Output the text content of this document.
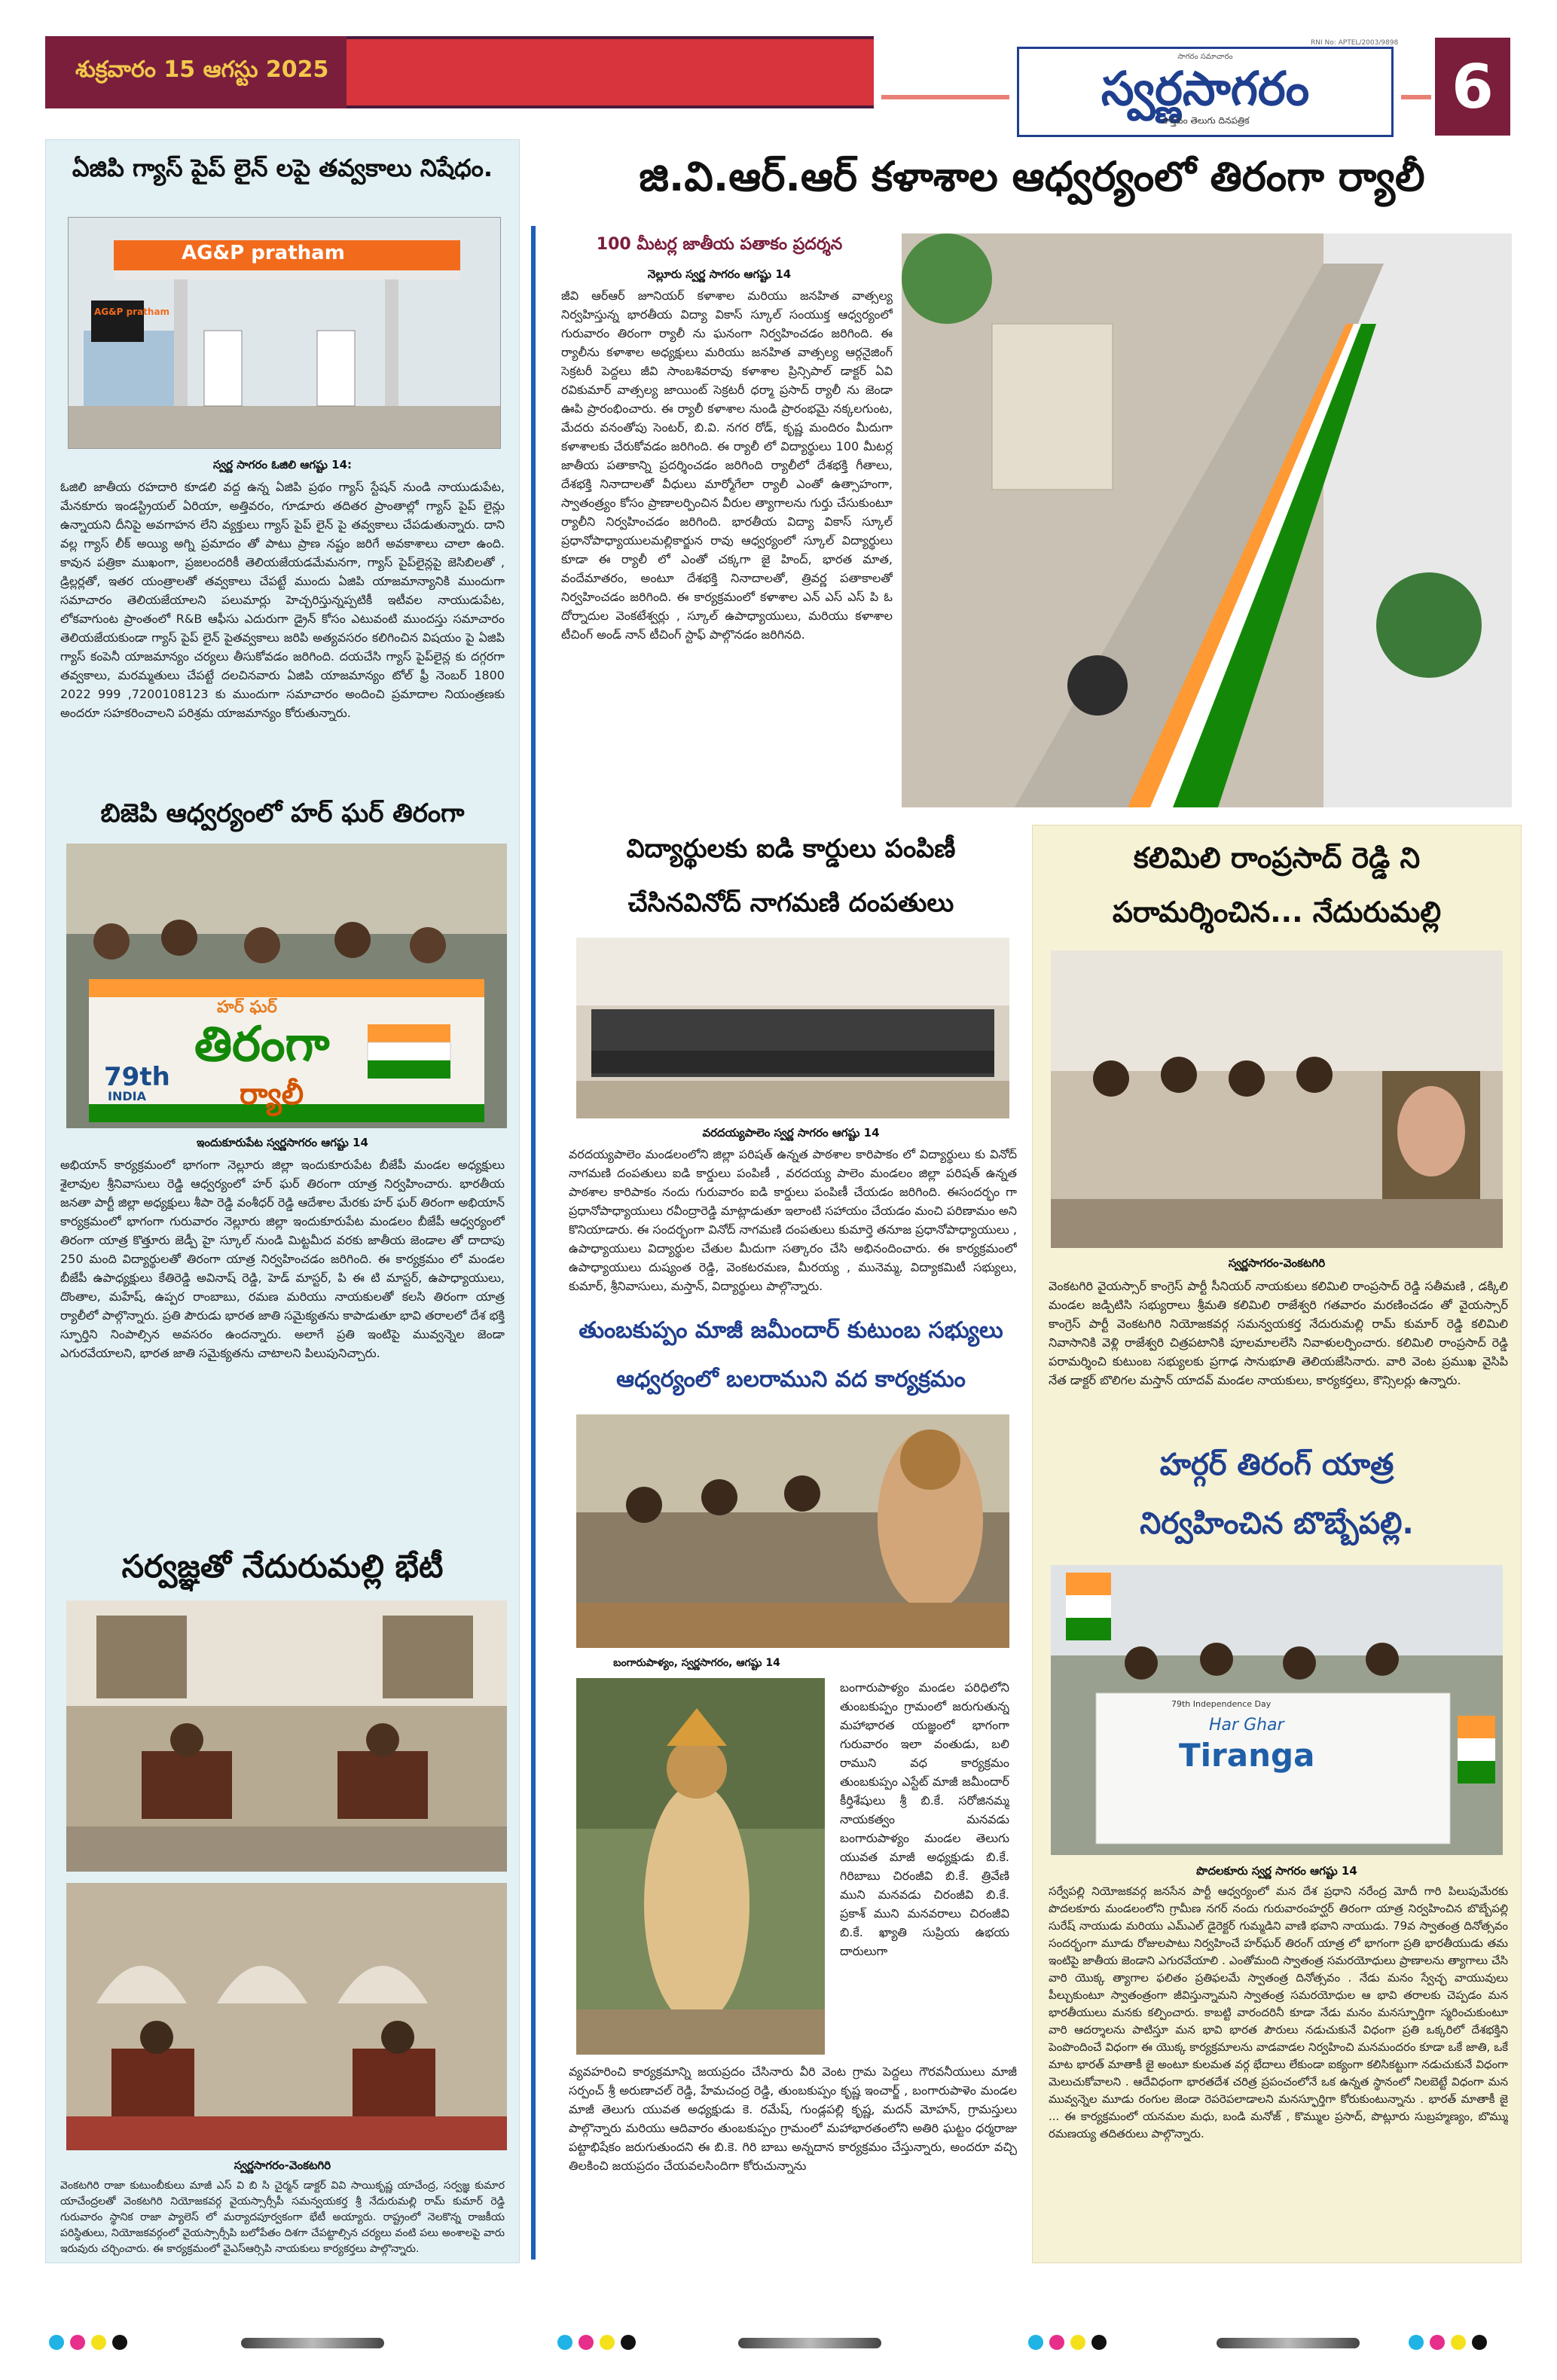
శుక్రవారం 15 ఆగస్టు 2025	సాగరం సమాచారం
స్వర్ణసాగరం
వాస్తవం తెలుగు దినపత్రిక
RNI No: APTEL/2003/9898
6
ఏజిపి గ్యాస్ పైప్ లైన్ లపై తవ్వకాలు నిషేధం.
AG&P pratham
AG&P pratham
స్వర్ణ సాగరం ఓజిలి ఆగష్టు 14:
ఓజిలి జాతీయ రహదారి కూడలి వద్ద ఉన్న ఏజిపి ప్రథం గ్యాస్ స్టేషన్ నుండి నాయుడుపేట, మేనకూరు ఇండస్ట్రియల్ ఏరియా, అత్తివరం, గూడూరు తదితర ప్రాంతాల్లో గ్యాస్ పైప్ లైన్లు ఉన్నాయని దీనిపై అవగాహన లేని వ్యక్తులు గ్యాస్ పైప్ లైన్ పై తవ్వకాలు చేపడుతున్నారు. దాని వల్ల గ్యాస్ లీక్ అయ్యి అగ్ని ప్రమాదం తో పాటు ప్రాణ నష్టం జరిగే అవకాశాలు చాలా ఉంది. కావున పత్రికా ముఖంగా, ప్రజలందరికీ తెలియజేయడమేమనగా, గ్యాస్ పైప్‌లైన్లపై జెసిబిలతో , డ్రిల్లర్లతో, ఇతర యంత్రాలతో తవ్వకాలు చేపట్టే ముందు ఏజిపి యాజమాన్యానికి ముందుగా సమాచారం తెలియజేయాలని పలుమార్లు హెచ్చరిస్తున్నప్పటికీ ఇటీవల నాయుడుపేట, లోకవాగుంట ప్రాంతంలో R&B ఆఫీసు ఎదురుగా డ్రైన్ కోసం ఎటువంటి ముందస్తు సమాచారం తెలియజేయకుండా గ్యాస్ పైప్ లైన్ పైతవ్వకాలు జరిపి అత్యవసరం కలిగించిన విషయం పై ఏజిపి గ్యాస్ కంపెనీ యాజమాన్యం చర్యలు తీసుకోవడం జరిగింది. దయచేసి గ్యాస్ పైప్‌లైన్ల కు దగ్గరగా తవ్వకాలు, మరమ్మతులు చేపట్టే దలచినవారు ఏజిపి యాజమాన్యం టోల్ ఫ్రీ నెంబర్ 1800 2022 999 ,7200108123 కు ముందుగా సమాచారం అందించి ప్రమాదాల నియంత్రణకు అందరూ సహకరించాలని పరిశ్రమ యాజమాన్యం కోరుతున్నారు.
బిజెపి ఆధ్వర్యంలో హర్ ఘర్ తిరంగా
హర్ ఘర్
తిరంగా
ర్యాలీ
79th
INDIA
ఇందుకూరుపేట స్వర్ణసాగరం ఆగష్టు 14
అభియాన్ కార్యక్రమంలో భాగంగా నెల్లూరు జిల్లా ఇందుకూరుపేట బీజేపీ మండల అధ్యక్షులు శైలావుల శ్రీనివాసులు రెడ్డి ఆధ్వర్యంలో హర్ ఘర్ తిరంగా యాత్ర నిర్వహించారు. భారతీయ జనతా పార్టీ జిల్లా అధ్యక్షులు శీపా రెడ్డి వంశీధర్ రెడ్డి ఆదేశాల మేరకు హర్ ఘర్ తిరంగా అభియాన్ కార్యక్రమంలో భాగంగా గురువారం నెల్లూరు జిల్లా ఇందుకూరుపేట మండలం బీజేపీ ఆధ్వర్యంలో తిరంగా యాత్ర కొత్తూరు జెడ్పీ హై స్కూల్ నుండి మిట్టమీద వరకు జాతీయ జెండాల తో దాదాపు 250 మంది విద్యార్థులతో తిరంగా యాత్ర నిర్వహించడం జరిగింది. ఈ కార్యక్రమం లో మండల బీజేపీ ఉపాధ్యక్షులు కేతిరెడ్డి అవినాష్ రెడ్డి, హెడ్ మాస్టర్, పి ఈ టి మాస్టర్, ఉపాధ్యాయులు, దొంతాల, మహేష్, ఉప్పర రాంబాబు, రమణ మరియు నాయకులతో కలసి తిరంగా యాత్ర ర్యాలీలో పాల్గొన్నారు. ప్రతి పౌరుడు భారత జాతి సమైక్యతను కాపాడుతూ భావి తరాలలో దేశ భక్తి స్ఫూర్తిని నింపాల్సిన అవసరం ఉందన్నారు. అలాగే ప్రతి ఇంటిపై మువ్వన్నెల జెండా ఎగురవేయాలని, భారత జాతి సమైక్యతను చాటాలని పిలుపునిచ్చారు.
సర్వజ్ఞతో నేదురుమల్లి భేటీ
స్వర్ణసాగరం-వెంకటగిరి
వెంకటగిరి రాజా కుటుంబీకులు మాజీ ఎస్ వి బి సి చైర్మన్ డాక్టర్ వివి సాయికృష్ణ యాచేంద్ర, సర్వజ్ఞ కుమార యాచేంద్రలతో వెంకటగిరి నియోజకవర్గ వైయస్సార్సీపీ సమన్వయకర్త శ్రీ నేదురుమల్లి రామ్ కుమార్ రెడ్డి గురువారం స్థానిక రాజా ప్యాలెస్ లో మర్యాదపూర్వకంగా భేటీ అయ్యారు. రాష్ట్రంలో నెలకొన్న రాజకీయ పరిస్థితులు, నియోజకవర్గంలో వైయస్సార్సీపి బలోపేతం దిశగా చేపట్టాల్సిన చర్యలు వంటి పలు అంశాలపై వారు ఇరువురు చర్చించారు. ఈ కార్యక్రమంలో వైఎస్ఆర్సిపి నాయకులు కార్యకర్తలు పాల్గొన్నారు.
జి.వి.ఆర్.ఆర్ కళాశాల ఆధ్వర్యంలో తిరంగా ర్యాలీ
100 మీటర్ల జాతీయ పతాకం ప్రదర్శన
నెల్లూరు స్వర్ణ సాగరం ఆగష్టు 14
జీవి ఆర్ఆర్ జూనియర్ కళాశాల మరియు జనహిత వాత్సల్య నిర్వహిస్తున్న భారతీయ విద్యా వికాస్ స్కూల్ సంయుక్త ఆధ్వర్యంలో గురువారం తిరంగా ర్యాలీ ను ఘనంగా నిర్వహించడం జరిగింది. ఈ ర్యాలీను కళాశాల అధ్యక్షులు మరియు జనహిత వాత్సల్య ఆర్గనైజింగ్ సెక్రటరీ పెద్దలు జీవి సాంబశివరావు కళాశాల ప్రిన్సిపాల్ డాక్టర్ ఏవి రవికుమార్ వాత్సల్య జాయింట్ సెక్రటరీ ధర్మా ప్రసాద్ ర్యాలీ ను జెండా ఊపి ప్రారంభించారు. ఈ ర్యాలీ కళాశాల నుండి ప్రారంభమై నక్కలగుంట, మేదరు వనంతోపు సెంటర్, బి.వి. నగర రోడ్, కృష్ణ మందిరం మీదుగా కళాశాలకు చేరుకోవడం జరిగింది. ఈ ర్యాలీ లో విద్యార్థులు 100 మీటర్ల జాతీయ పతాకాన్ని ప్రదర్శించడం జరిగింది ర్యాలీలో దేశభక్తి గీతాలు, దేశభక్తి నినాదాలతో వీధులు మార్మోగేలా ర్యాలీ ఎంతో ఉత్సాహంగా, స్వాతంత్ర్యం కోసం ప్రాణాలర్పించిన వీరుల త్యాగాలను గుర్తు చేసుకుంటూ ర్యాలీని నిర్వహించడం జరిగింది. భారతీయ విద్యా వికాస్ స్కూల్ ప్రధానోపాధ్యాయులమల్లికార్జున రావు ఆధ్వర్యంలో స్కూల్ విద్యార్థులు కూడా ఈ ర్యాలీ లో ఎంతో చక్కగా జై హింద్, భారత మాత, వందేమాతరం, అంటూ దేశభక్తి నినాదాలతో, త్రివర్ణ పతాకాలతో నిర్వహించడం జరిగింది. ఈ కార్యక్రమంలో కళాశాల ఎన్ ఎస్ ఎస్ పి ఓ దోర్నాదుల వెంకటేశ్వర్లు , స్కూల్ ఉపాధ్యాయులు, మరియు కళాశాల టీచింగ్ అండ్ నాన్ టీచింగ్ స్టాఫ్ పాల్గొనడం జరిగినది.
విద్యార్థులకు ఐడి కార్డులు పంపిణీ
చేసినవినోద్ నాగమణి దంపతులు
వరదయ్యపాలెం స్వర్ణ సాగరం ఆగష్టు 14
వరదయ్యపాలెం మండలంలోని జిల్లా పరిషత్ ఉన్నత పాఠశాల కారిపాకం లో విద్యార్థులు కు వినోద్ నాగమణి దంపతులు ఐడి కార్డులు పంపిణీ , వరదయ్య పాలెం మండలం జిల్లా పరిషత్ ఉన్నత పాఠశాల కారిపాకం నందు గురువారం ఐడి కార్డులు పంపిణీ చేయడం జరిగింది. ఈసందర్భం గా ప్రధానోపాధ్యాయులు రవీంద్రారెడ్డి మాట్లాడుతూ ఇలాంటి సహాయం చేయడం మంచి పరిణామం అని కొనియాడారు. ఈ సందర్భంగా వినోద్ నాగమణి దంపతులు కుమార్తె తనూజ ప్రధానోపాధ్యాయులు , ఉపాధ్యాయులు విద్యార్థుల చేతుల మీదుగా సత్కారం చేసి అభినందించారు. ఈ కార్యక్రమంలో ఉపాధ్యాయులు దుష్యంత రెడ్డి, వెంకటరమణ, మీరయ్య , మునెమ్మ, విద్యాకమిటీ సభ్యులు, కుమార్, శ్రీనివాసులు, మస్తాన్, విద్యార్థులు పాల్గొన్నారు.
తుంబకుప్పం మాజీ జమీందార్ కుటుంబ సభ్యులు
ఆధ్వర్యంలో బలరాముని వద కార్యక్రమం
బంగారుపాళ్యం, స్వర్ణసాగరం, ఆగష్టు 14
బంగారుపాళ్యం మండల పరిధిలోని తుంబకుప్పం గ్రామంలో జరుగుతున్న మహాభారత యజ్ఞంలో భాగంగా గురువారం ఇలా వంతుడు, బలి రాముని వధ కార్యక్రమం తుంబకుప్పం ఎస్టేట్ మాజీ జమీందార్ కీర్తిశేషులు శ్రీ బి.కే. సరోజినమ్మ నాయకత్వం మనవడు బంగారుపాళ్యం మండల తెలుగు యువత మాజీ అధ్యక్షుడు బి.కే. గిరిబాబు చిరంజీవి బి.కే. త్రివేణి ముని మనవడు చిరంజీవి బి.కే. ప్రకాశ్ ముని మనవరాలు చిరంజీవి బి.కే. ఖ్యాతి సుప్రియ ఉభయ దారులుగా
వ్యవహరించి కార్యక్రమాన్ని జయప్రదం చేసినారు వీరి వెంట గ్రామ పెద్దలు గౌరవనీయులు మాజీ సర్పంచ్ శ్రీ అరుణాచల్ రెడ్డి, హేమచంద్ర రెడ్డి, తుంబకుప్పం కృష్ణ ఇంచార్జ్ , బంగారుపాళెం మండల మాజీ తెలుగు యువత అధ్యక్షుడు కె. రమేష్, గుండ్లపల్లి కృష్ణ, మదన్ మోహన్, గ్రామస్తులు పాల్గొన్నారు మరియు ఆదివారం తుంబకుప్పం గ్రామంలో మహాభారతంలోని అతిరి ఘట్టం ధర్మరాజు పట్టాభిషేకం జరుగుతుందని ఈ బి.కె. గిరి బాబు అన్నదాన కార్యక్రమం చేస్తున్నారు, అందరూ వచ్చి తిలకించి జయప్రదం చేయవలసిందిగా కోరుచున్నాను
కలిమిలి రాంప్రసాద్ రెడ్డి ని
పరామర్శించిన... నేదురుమల్లి
స్వర్ణసాగరం-వెంకటగిరి
వెంకటగిరి వైయస్సార్ కాంగ్రెస్ పార్టీ సీనియర్ నాయకులు కలిమిలి రాంప్రసాద్ రెడ్డి సతీమణి , డక్కిలి మండల జడ్పిటిసి సభ్యురాలు శ్రీమతి కలిమిలి రాజేశ్వరి గతవారం మరణించడం తో వైయస్సార్ కాంగ్రెస్ పార్టీ వెంకటగిరి నియోజకవర్గ సమన్వయకర్త నేదురుమల్లి రామ్ కుమార్ రెడ్డి కలిమిలి నివాసానికి వెళ్లి రాజేశ్వరి చిత్రపటానికి పూలమాలలేసి నివాళులర్పించారు. కలిమిలి రాంప్రసాద్ రెడ్డి పరామర్శించి కుటుంబ సభ్యులకు ప్రగాఢ సానుభూతి తెలియజేసినారు. వారి వెంట ప్రముఖ వైసిపి నేత డాక్టర్ బొలిగల మస్తాన్ యాదవ్ మండల నాయకులు, కార్యకర్తలు, కౌన్సిలర్లు ఉన్నారు.
హర్గర్ తిరంగ్ యాత్ర
నిర్వహించిన బొబ్బేపల్లి.
79th Independence Day
Har Ghar
Tiranga
పొదలకూరు స్వర్ణ సాగరం ఆగష్టు 14
సర్వేపల్లి నియోజకవర్గ జనసేన పార్టీ ఆధ్వర్యంలో మన దేశ ప్రధాని నరేంద్ర మోదీ గారి పిలుపుమేరకు పొదలకూరు మండలంలోని గ్రామీణ నగర్ నందు గురువారంహర్ఘర్ తిరంగా యాత్ర నిర్వహించిన బొబ్బేపల్లి సురేష్ నాయుడు మరియు ఎమ్ఎల్ డైరెక్టర్ గుమ్మడిని వాణి భవాని నాయుడు. 79వ స్వాతంత్ర దినోత్సవం సందర్భంగా మూడు రోజులపాటు నిర్వహించే హర్‌ఘర్ తిరంగ్ యాత్ర లో భాగంగా ప్రతి భారతీయుడు తమ ఇంటిపై జాతీయ జెండాని ఎగురవేయాలి . ఎంతోమంది స్వాతంత్ర సమరయోధులు ప్రాణాలను త్యాగాలు చేసి వారి యొక్క త్యాగాల ఫలితం ప్రతిఫలమే స్వాతంత్ర దినోత్సవం . నేడు మనం స్వేచ్ఛ వాయువులు పీల్చుకుంటూ స్వాతంత్రంగా జీవిస్తున్నామని స్వాతంత్ర సమరయోధుల ఆ భావి తరాలకు చెప్పడం మన భారతీయులు మనకు కల్పించారు. కాబట్టి వారందరినీ కూడా నేడు మనం మనస్ఫూర్తిగా స్మరించుకుంటూ వారి ఆదర్శాలను పాటిస్తూ మన భావి భారత పౌరులు నడుచుకునే విధంగా ప్రతి ఒక్కరిలో దేశభక్తిని పెంపొందించే విధంగా ఈ యొక్క కార్యక్రమాలను వాడవాడల నిర్వహించి మనమందరం కూడా ఒకే జాతి, ఒకే మాట భారత్ మాతాకీ జై అంటూ కులమత వర్గ భేదాలు లేకుండా ఐక్యంగా కలిసికట్టుగా నడుచుకునే విధంగా మెలుచుకోవాలని . ఆదేవిధంగా భారతదేశ చరిత్ర ప్రపంచంలోనే ఒక ఉన్నత స్థానంలో నిలబెట్టే విధంగా మన మువ్వన్నెల మూడు రంగుల జెండా రెపరెపలాడాలని మనస్ఫూర్తిగా కోరుకుంటున్నాను . భారత్ మాతాకీ జై ... ఈ కార్యక్రమంలో యనమల మధు, బండి మనోజ్ , కొమ్ముల ప్రసాద్, పొట్లూరు సుబ్రహ్మణ్యం, బొమ్ము రమణయ్య తదితరులు పాల్గొన్నారు.
